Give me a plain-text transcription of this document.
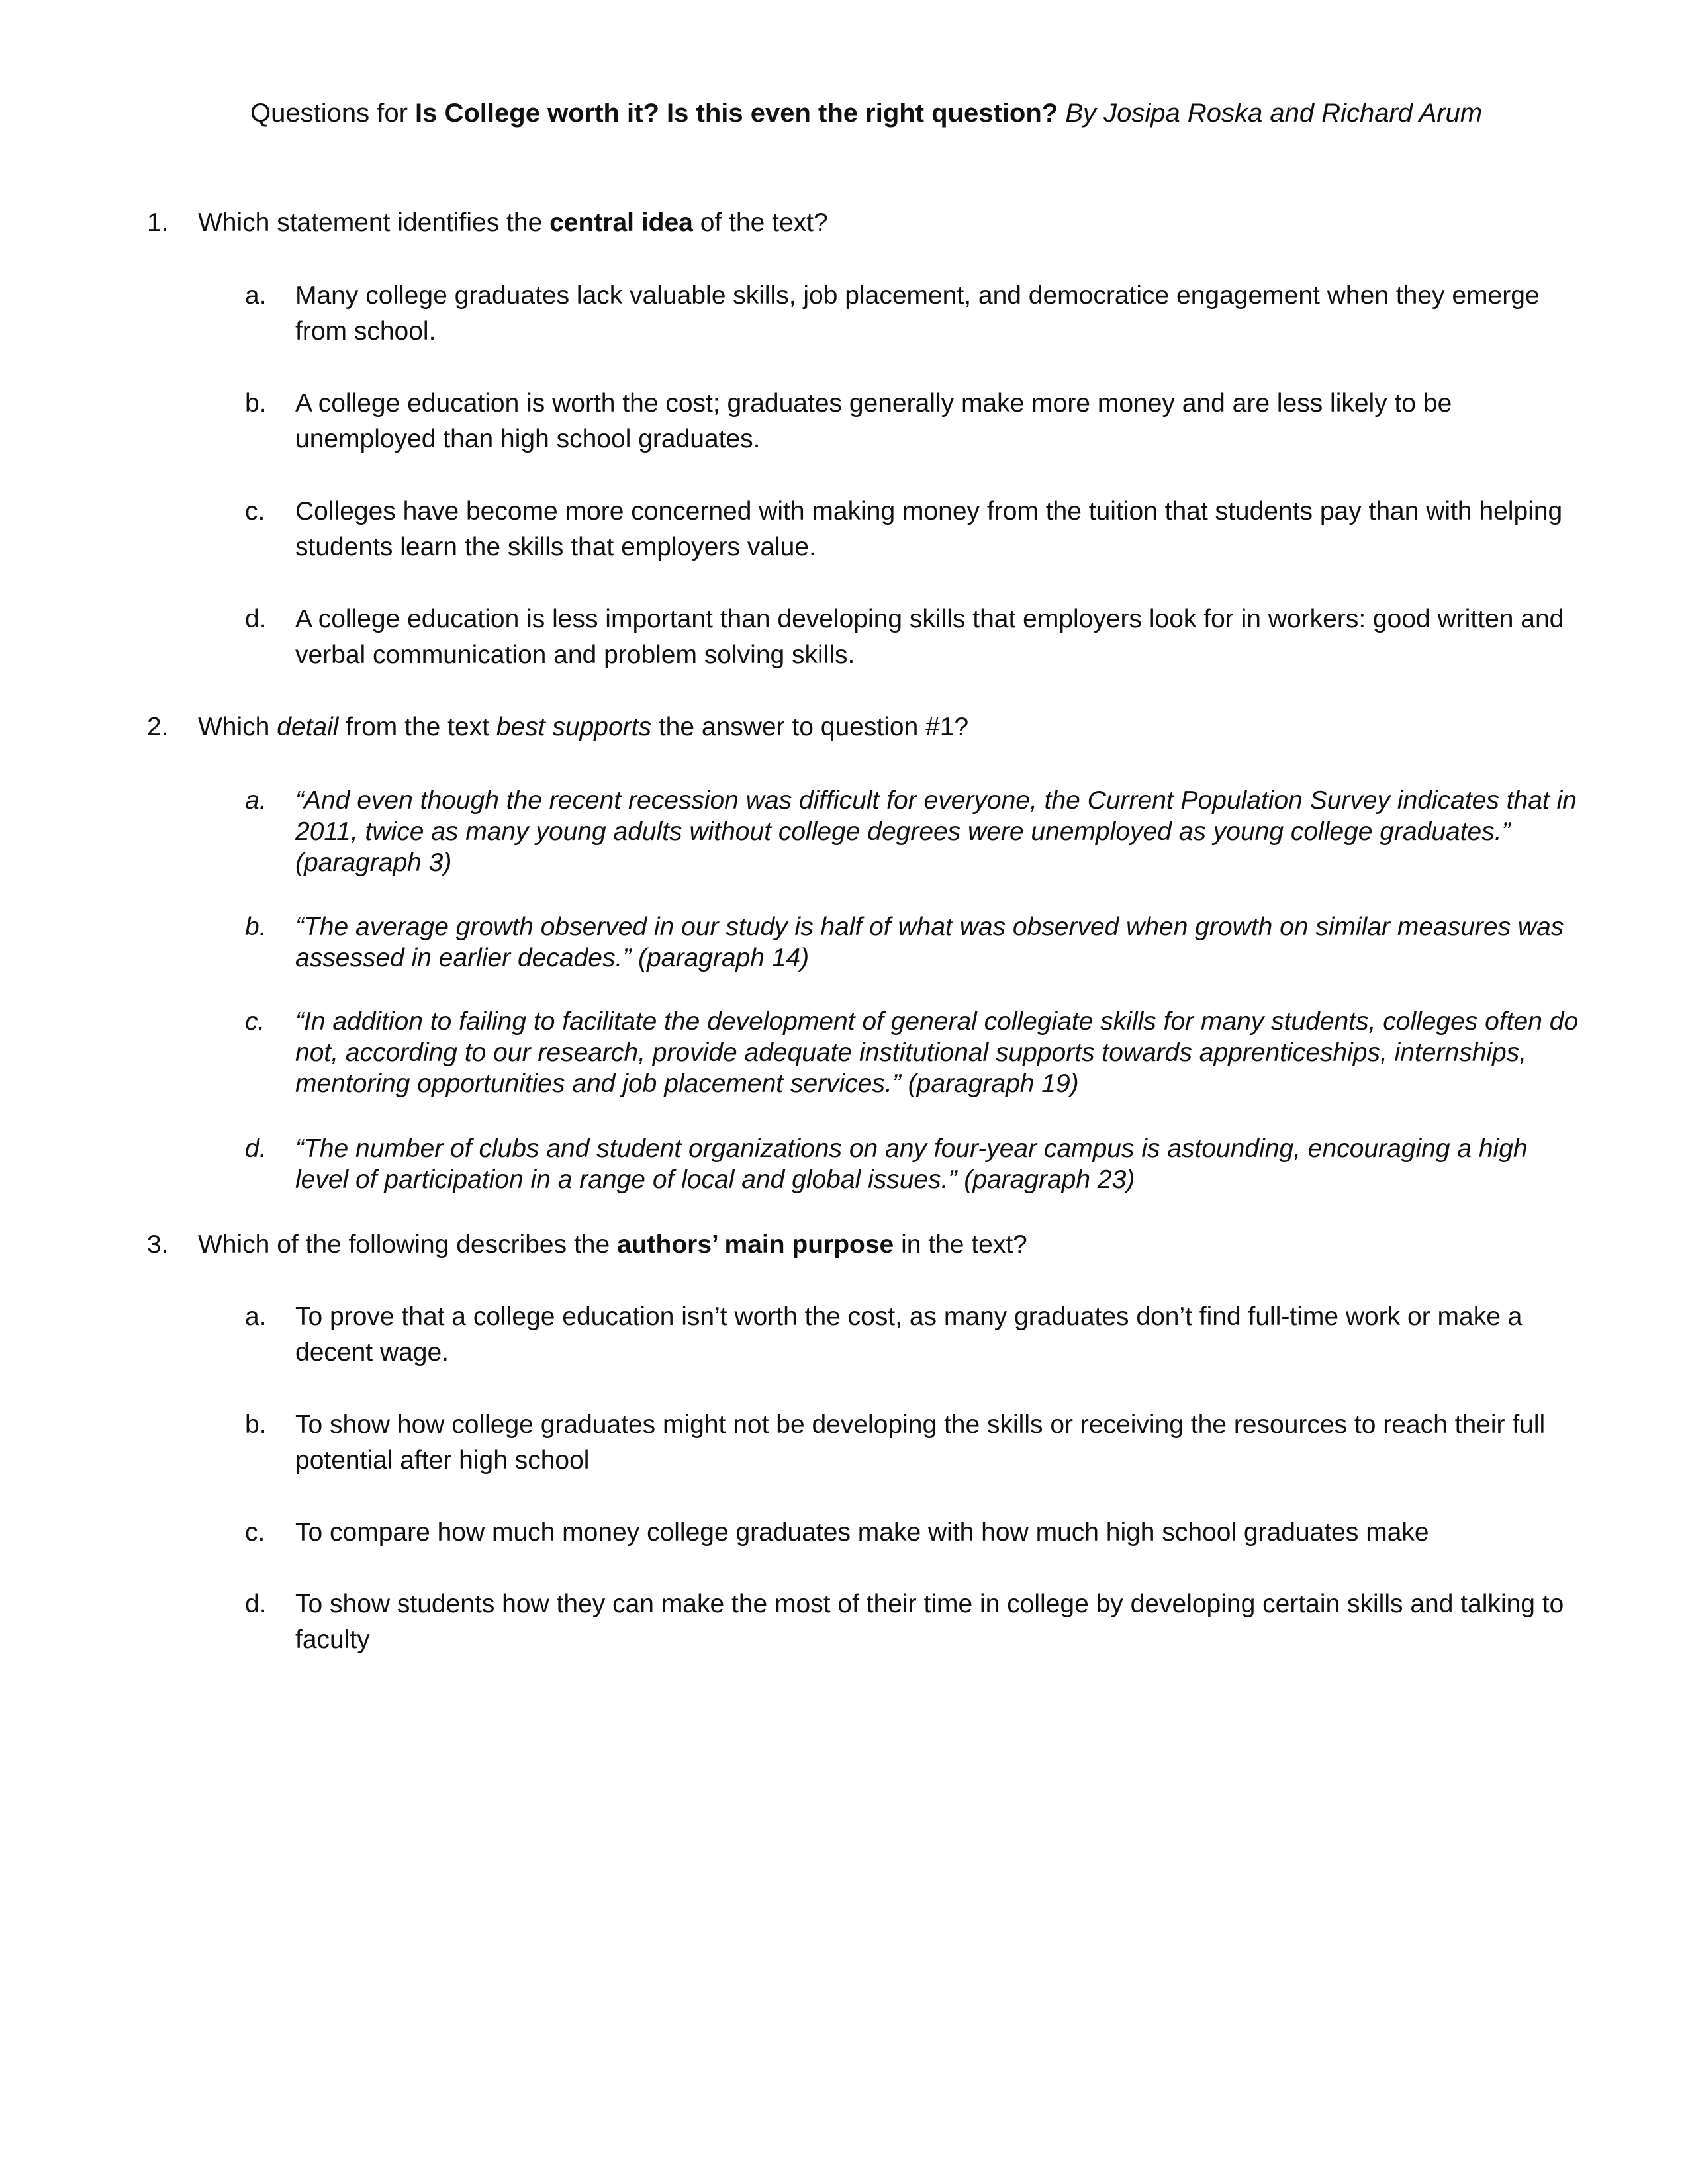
Questions for Is College worth it? Is this even the right question? By Josipa Roska and Richard Arum
1. Which statement identifies the central idea of the text?
a. Many college graduates lack valuable skills, job placement, and democratice engagement when they emerge from school.
b. A college education is worth the cost; graduates generally make more money and are less likely to be unemployed than high school graduates.
c. Colleges have become more concerned with making money from the tuition that students pay than with helping students learn the skills that employers value.
d. A college education is less important than developing skills that employers look for in workers: good written and verbal communication and problem solving skills.
2. Which detail from the text best supports the answer to question #1?
a. “And even though the recent recession was difficult for everyone, the Current Population Survey indicates that in 2011, twice as many young adults without college degrees were unemployed as young college graduates.” (paragraph 3)
b. “The average growth observed in our study is half of what was observed when growth on similar measures was assessed in earlier decades.” (paragraph 14)
c. “In addition to failing to facilitate the development of general collegiate skills for many students, colleges often do not, according to our research, provide adequate institutional supports towards apprenticeships, internships, mentoring opportunities and job placement services.” (paragraph 19)
d. “The number of clubs and student organizations on any four-year campus is astounding, encouraging a high level of participation in a range of local and global issues.” (paragraph 23)
3. Which of the following describes the authors’ main purpose in the text?
a. To prove that a college education isn’t worth the cost, as many graduates don’t find full-time work or make a decent wage.
b. To show how college graduates might not be developing the skills or receiving the resources to reach their full potential after high school
c. To compare how much money college graduates make with how much high school graduates make
d. To show students how they can make the most of their time in college by developing certain skills and talking to faculty
